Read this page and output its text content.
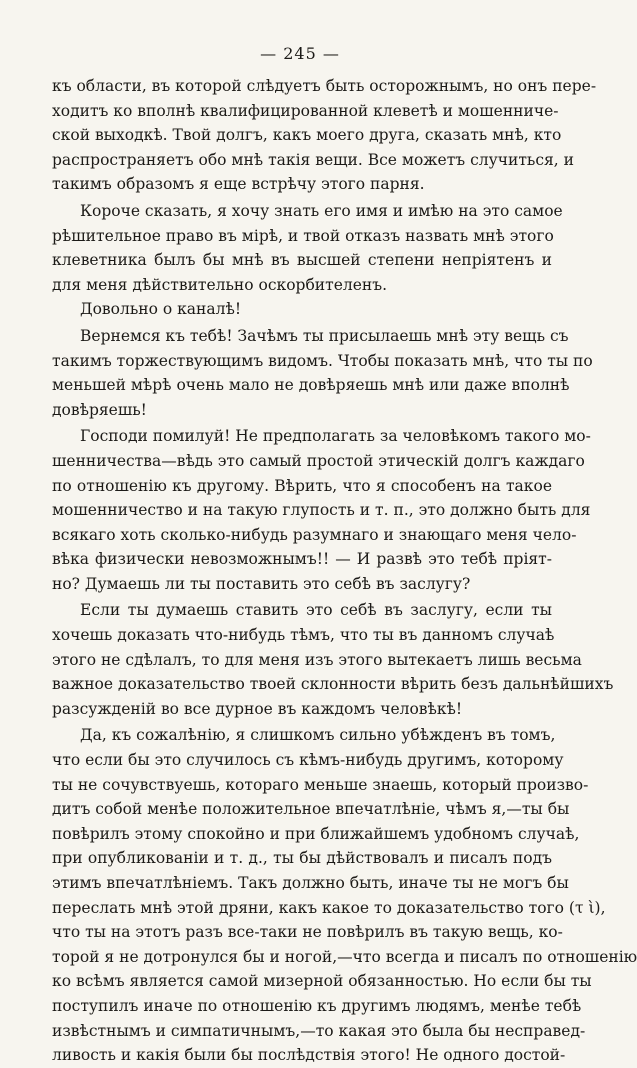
— 245 —
къ области, въ которой слѣдуетъ быть осторожнымъ, но онъ пере-
ходитъ ко вполнѣ квалифицированной клеветѣ и мошенниче-
ской выходкѣ. Твой долгъ, какъ моего друга, сказать мнѣ, кто
распространяетъ обо мнѣ такія вещи. Все можетъ случиться, и
такимъ образомъ я еще встрѣчу этого парня.
Короче сказать, я хочу знать его имя и имѣю на это самое
рѣшительное право въ мірѣ, и твой отказъ назвать мнѣ этого
клеветника былъ бы мнѣ въ высшей степени непріятенъ и
для меня дѣйствительно оскорбителенъ.
Довольно о каналѣ!
Вернемся къ тебѣ! Зачѣмъ ты присылаешь мнѣ эту вещь съ
такимъ торжествующимъ видомъ. Чтобы показать мнѣ, что ты по
меньшей мѣрѣ очень мало не довѣряешь мнѣ или даже вполнѣ
довѣряешь!
Господи помилуй! Не предполагать за человѣкомъ такого мо-
шенничества—вѣдь это самый простой этическій долгъ каждаго
по отношенію къ другому. Вѣрить, что я способенъ на такое
мошенничество и на такую глупость и т. п., это должно быть для
всякаго хоть сколько-нибудь разумнаго и знающаго меня чело-
вѣка физически невозможнымъ!! — И развѣ это тебѣ пріят-
но? Думаешь ли ты поставить это себѣ въ заслугу?
Если ты думаешь ставить это себѣ въ заслугу, если ты
хочешь доказать что-нибудь тѣмъ, что ты въ данномъ случаѣ
этого не сдѣлалъ, то для меня изъ этого вытекаетъ лишь весьма
важное доказательство твоей склонности вѣрить безъ дальнѣйшихъ
разсужденій во все дурное въ каждомъ человѣкѣ!
Да, къ сожалѣнію, я слишкомъ сильно убѣжденъ въ томъ,
что если бы это случилось съ кѣмъ-нибудь другимъ, которому
ты не сочувствуешь, котораго меньше знаешь, который произво-
дитъ собой менѣе положительное впечатлѣніе, чѣмъ я,—ты бы
повѣрилъ этому спокойно и при ближайшемъ удобномъ случаѣ,
при опубликованіи и т. д., ты бы дѣйствовалъ и писалъ подъ
этимъ впечатлѣніемъ. Такъ должно быть, иначе ты не могъ бы
переслать мнѣ этой дряни, какъ какое то доказательство того (τ ὶ),
что ты на этотъ разъ все-таки не повѣрилъ въ такую вещь, ко-
торой я не дотронулся бы и ногой,—что всегда и писалъ по отношенію
ко всѣмъ является самой мизерной обязанностью. Но если бы ты
поступилъ иначе по отношенію къ другимъ людямъ, менѣе тебѣ
извѣстнымъ и симпатичнымъ,—то какая это была бы несправед-
ливость и какія были бы послѣдствія этого! Не одного достой-
